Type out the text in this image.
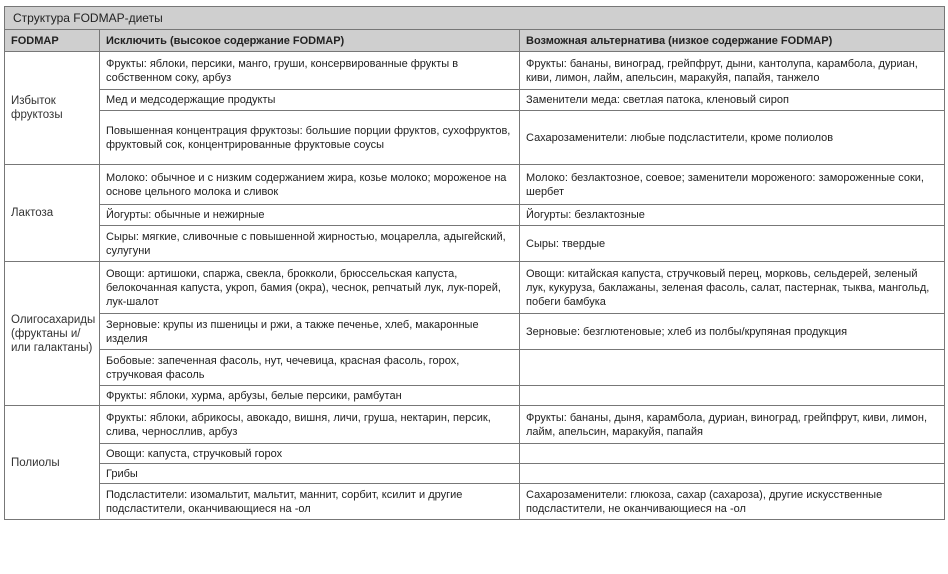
Структура FODMAP-диеты		
FODMAP	Исключить (высокое содержание FODMAP)	Возможная альтернатива (низкое содержание FODMAP)
Избыток фруктозы	Фрукты: яблоки, персики, манго, груши, консервированные фрукты в собственном соку, арбуз	Фрукты: бананы, виноград, грейпфрут, дыни, кантолупа, карамбола, дуриан, киви, лимон, лайм, апельсин, маракуйя, папайя, танжело
	Мед и медсодержащие продукты	Заменители меда: светлая патока, кленовый сироп
	Повышенная концентрация фруктозы: большие порции фруктов, сухофруктов, фруктовый сок, концентрированные фруктовые соусы	Сахарозаменители: любые подсластители, кроме полиолов
Лактоза	Молоко: обычное и с низким содержанием жира, козье молоко; мороженое на основе цельного молока и сливок	Молоко: безлактозное, соевое; заменители мороженого: замороженные соки, шербет
	Йогурты: обычные и нежирные	Йогурты: безлактозные
	Сыры: мягкие, сливочные с повышенной жирностью, моцарелла, адыгейский, сулугуни	Сыры: твердые
Олигосахариды (фруктаны и/или галактаны)	Овощи: артишоки, спаржа, свекла, брокколи, брюссельская капуста, белокочанная капуста, укроп, бамия (окра), чеснок, репчатый лук, лук-порей, лук-шалот	Овощи: китайская капуста, стручковый перец, морковь, сельдерей, зеленый лук, кукуруза, баклажаны, зеленая фасоль, салат, пастернак, тыква, мангольд, побеги бамбука
	Зерновые: крупы из пшеницы и ржи, а также печенье, хлеб, макаронные изделия	Зерновые: безглютеновые; хлеб из полбы/крупяная продукция
	Бобовые: запеченная фасоль, нут, чечевица, красная фасоль, горох, стручковая фасоль	
	Фрукты: яблоки, хурма, арбузы, белые персики, рамбутан	
Полиолы	Фрукты: яблоки, абрикосы, авокадо, вишня, личи, груша, нектарин, персик, слива, черносллив, арбуз	Фрукты: бананы, дыня, карамбола, дуриан, виноград, грейпфрут, киви, лимон, лайм, апельсин, маракуйя, папайя
	Овощи: капуста, стручковый горох	
	Грибы	
	Подсластители: изомальтит, мальтит, маннит, сорбит, ксилит и другие подсластители, оканчивающиеся на -ол	Сахарозаменители: глюкоза, сахар (сахароза), другие искусственные подсластители, не оканчивающиеся на -ол
